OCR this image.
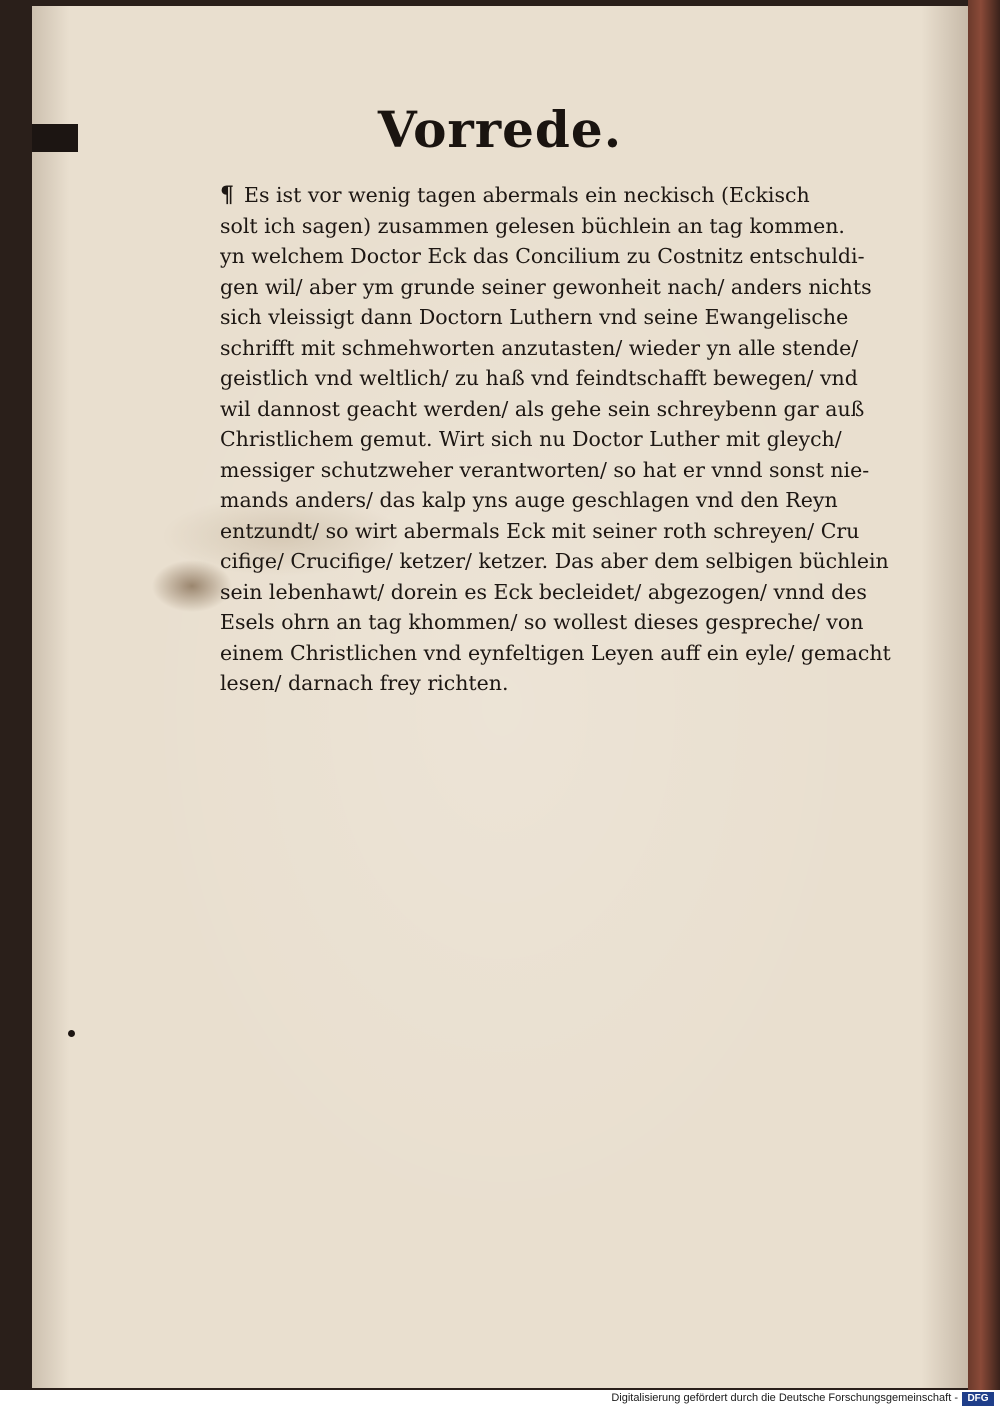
Vorrede.
¶ Es ist vor wenig tagen abermals ein neckisch (Eckisch
solt ich sagen) zusammen gelesen büchlein an tag kommen.
yn welchem Doctor Eck das Concilium zu Costnitz entschuldi-
gen wil/ aber ym grunde seiner gewonheit nach/ anders nichts
sich vleissigt dann Doctorn Luthern vnd seine Ewangelische
schrifft mit schmehworten anzutasten/ wieder yn alle stende/
geistlich vnd weltlich/ zu haß vnd feindtschafft bewegen/ vnd
wil dannost geacht werden/ als gehe sein schreybenn gar auß
Christlichem gemut. Wirt sich nu Doctor Luther mit gleych/
messiger schutzweher verantworten/ so hat er vnnd sonst nie-
mands anders/ das kalp yns auge geschlagen vnd den Reyn
entzundt/ so wirt abermals Eck mit seiner roth schreyen/ Cru
cifige/ Crucifige/ ketzer/ ketzer. Das aber dem selbigen büchlein
sein lebenhawt/ dorein es Eck becleidet/ abgezogen/ vnnd des
Esels ohrn an tag khommen/ so wollest dieses gespreche/ von
einem Christlichen vnd eynfeltigen Leyen auff ein eyle/ gemacht
lesen/ darnach frey richten.
Digitalisierung gefördert durch die Deutsche Forschungsgemeinschaft - DFG
